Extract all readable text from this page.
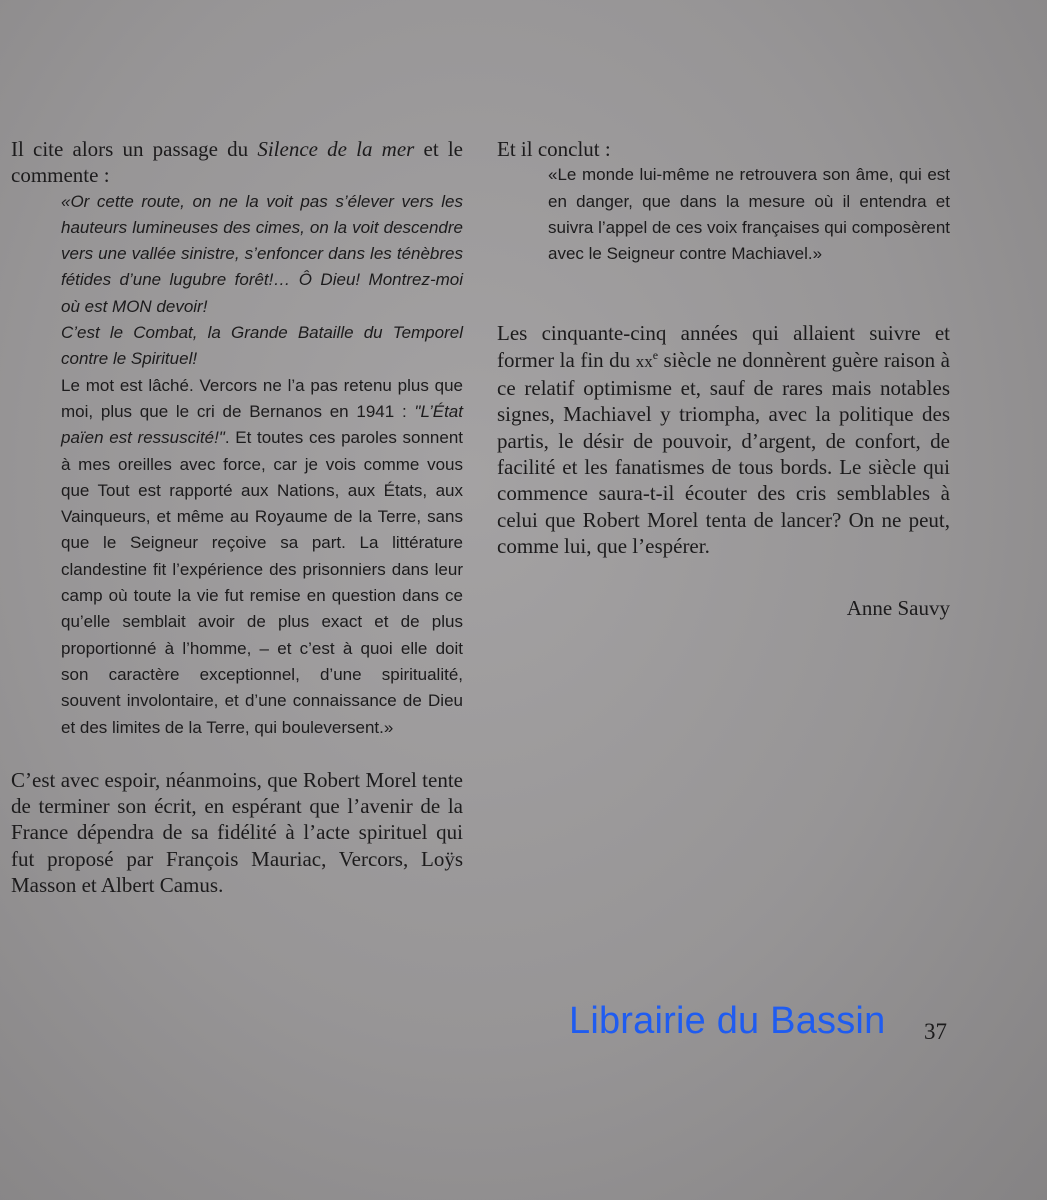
Il cite alors un passage du Silence de la mer et le commente :

«Or cette route, on ne la voit pas s’élever vers les hauteurs lumineuses des cimes, on la voit descendre vers une vallée sinistre, s’enfoncer dans les ténèbres fétides d’une lugubre forêt!… Ô Dieu! Montrez-moi où est MON devoir!

C’est le Combat, la Grande Bataille du Temporel contre le Spirituel!

Le mot est lâché. Vercors ne l’a pas retenu plus que moi, plus que le cri de Bernanos en 1941 : "L’État païen est ressuscité!". Et toutes ces paroles sonnent à mes oreilles avec force, car je vois comme vous que Tout est rapporté aux Nations, aux États, aux Vainqueurs, et même au Royaume de la Terre, sans que le Seigneur reçoive sa part. La littérature clandestine fit l’expérience des prisonniers dans leur camp où toute la vie fut remise en question dans ce qu’elle semblait avoir de plus exact et de plus proportionné à l’homme, – et c’est à quoi elle doit son caractère exceptionnel, d’une spiritualité, souvent involontaire, et d’une connaissance de Dieu et des limites de la Terre, qui bouleversent.»

C’est avec espoir, néanmoins, que Robert Morel tente de terminer son écrit, en espérant que l’avenir de la France dépendra de sa fidélité à l’acte spirituel qui fut proposé par François Mauriac, Vercors, Loÿs Masson et Albert Camus.

Et il conclut :

«Le monde lui-même ne retrouvera son âme, qui est en danger, que dans la mesure où il entendra et suivra l’appel de ces voix françaises qui composèrent avec le Seigneur contre Machiavel.»

Les cinquante-cinq années qui allaient suivre et former la fin du $xx^e$ siècle ne donnèrent guère raison à ce relatif optimisme et, sauf de rares mais notables signes, Machiavel y triompha, avec la politique des partis, le désir de pouvoir, d’argent, de confort, de facilité et les fanatismes de tous bords. Le siècle qui commence saura-t-il écouter des cris semblables à celui que Robert Morel tenta de lancer? On ne peut, comme lui, que l’espérer.

Anne Sauvy

37
Librairie du Bassin
